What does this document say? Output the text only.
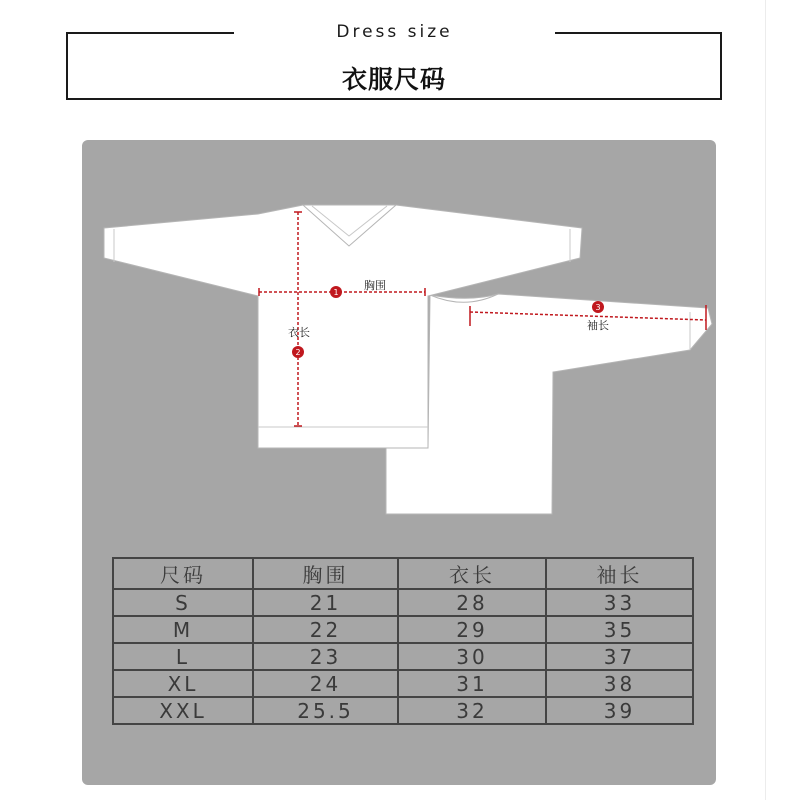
Dress size
衣服尺码
1
2
3
胸围
衣长
袖长
尺码	胸围	衣长	袖长
S	21	28	33
M	22	29	35
L	23	30	37
XL	24	31	38
XXL	25.5	32	39
